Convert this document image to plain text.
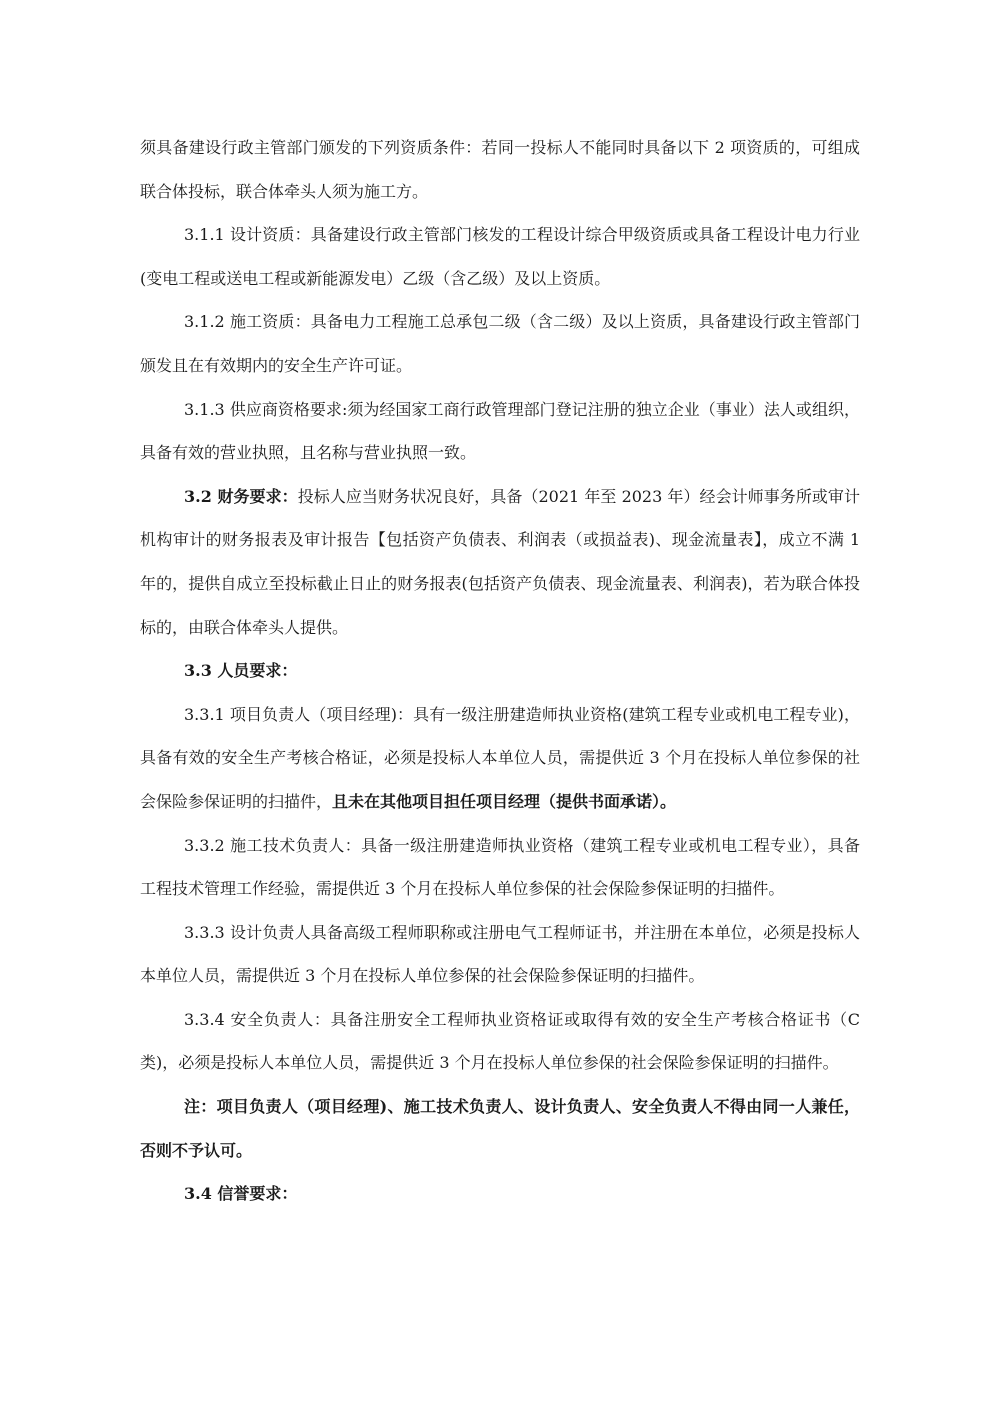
须具备建设行政主管部门颁发的下列资质条件：若同一投标人不能同时具备以下 2 项资质的，可组成联合体投标，联合体牵头人须为施工方。

3.1.1 设计资质：具备建设行政主管部门核发的工程设计综合甲级资质或具备工程设计电力行业(变电工程或送电工程或新能源发电）乙级（含乙级）及以上资质。

3.1.2 施工资质：具备电力工程施工总承包二级（含二级）及以上资质，具备建设行政主管部门颁发且在有效期内的安全生产许可证。

3.1.3 供应商资格要求:须为经国家工商行政管理部门登记注册的独立企业（事业）法人或组织，具备有效的营业执照，且名称与营业执照一致。

3.2 财务要求：投标人应当财务状况良好，具备（2021 年至 2023 年）经会计师事务所或审计机构审计的财务报表及审计报告【包括资产负债表、利润表（或损益表)、现金流量表】，成立不满 1 年的，提供自成立至投标截止日止的财务报表(包括资产负债表、现金流量表、利润表)，若为联合体投标的，由联合体牵头人提供。

3.3 人员要求：

3.3.1 项目负责人（项目经理)：具有一级注册建造师执业资格(建筑工程专业或机电工程专业)，具备有效的安全生产考核合格证，必须是投标人本单位人员，需提供近 3 个月在投标人单位参保的社会保险参保证明的扫描件，且未在其他项目担任项目经理（提供书面承诺）。

3.3.2 施工技术负责人：具备一级注册建造师执业资格（建筑工程专业或机电工程专业），具备工程技术管理工作经验，需提供近 3 个月在投标人单位参保的社会保险参保证明的扫描件。

3.3.3 设计负责人具备高级工程师职称或注册电气工程师证书，并注册在本单位，必须是投标人本单位人员，需提供近 3 个月在投标人单位参保的社会保险参保证明的扫描件。

3.3.4 安全负责人：具备注册安全工程师执业资格证或取得有效的安全生产考核合格证书（C 类)，必须是投标人本单位人员，需提供近 3 个月在投标人单位参保的社会保险参保证明的扫描件。

注：项目负责人（项目经理)、施工技术负责人、设计负责人、安全负责人不得由同一人兼任，否则不予认可。

3.4 信誉要求：
